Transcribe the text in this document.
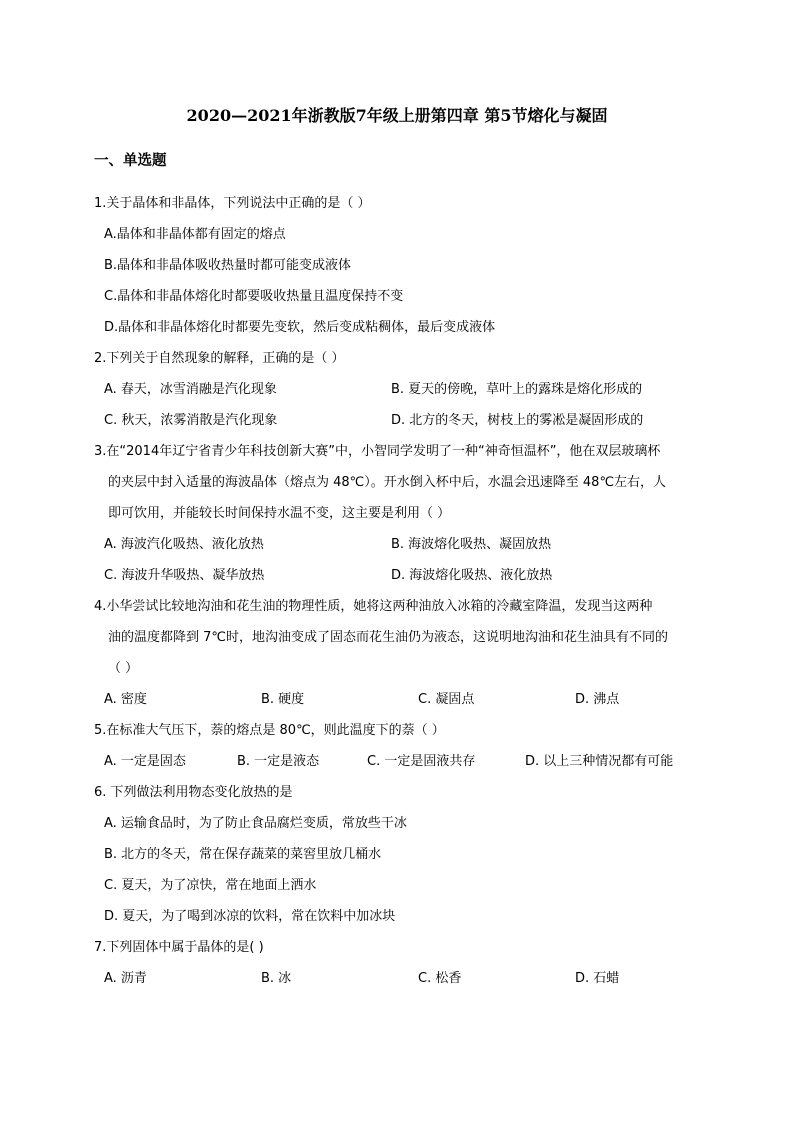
2020—2021年浙教版7年级上册第四章 第5节熔化与凝固
一、单选题

1.关于晶体和非晶体，下列说法中正确的是（ ）

A.晶体和非晶体都有固定的熔点
B.晶体和非晶体吸收热量时都可能变成液体
C.晶体和非晶体熔化时都要吸收热量且温度保持不变
D.晶体和非晶体熔化时都要先变软，然后变成粘稠体，最后变成液体

2.下列关于自然现象的解释，正确的是（ ）

A. 春天，冰雪消融是汽化现象	B. 夏天的傍晚，草叶上的露珠是熔化形成的
C. 秋天，浓雾消散是汽化现象	D. 北方的冬天，树枝上的雾凇是凝固形成的

3.在“2014年辽宁省青少年科技创新大赛”中，小智同学发明了一种“神奇恒温杯”，他在双层玻璃杯
的夹层中封入适量的海波晶体（熔点为 48℃）。开水倒入杯中后，水温会迅速降至 48℃左右，人
即可饮用，并能较长时间保持水温不变，这主要是利用（ ）

A. 海波汽化吸热、液化放热	B. 海波熔化吸热、凝固放热
C. 海波升华吸热、凝华放热	D. 海波熔化吸热、液化放热

4.小华尝试比较地沟油和花生油的物理性质，她将这两种油放入冰箱的冷藏室降温，发现当这两种
油的温度都降到 7℃时，地沟油变成了固态而花生油仍为液态，这说明地沟油和花生油具有不同的
（ ）

A. 密度	B. 硬度	C. 凝固点	D. 沸点

5.在标准大气压下，萘的熔点是 80℃，则此温度下的萘（ ）

A. 一定是固态	B. 一定是液态	C. 一定是固液共存	D. 以上三种情况都有可能

6. 下列做法利用物态变化放热的是

A. 运输食品时，为了防止食品腐烂变质，常放些干冰
B. 北方的冬天，常在保存蔬菜的菜窖里放几桶水
C. 夏天，为了凉快，常在地面上洒水
D. 夏天，为了喝到冰凉的饮料，常在饮料中加冰块

7.下列固体中属于晶体的是( )

A. 沥青	B. 冰	C. 松香	D. 石蜡
